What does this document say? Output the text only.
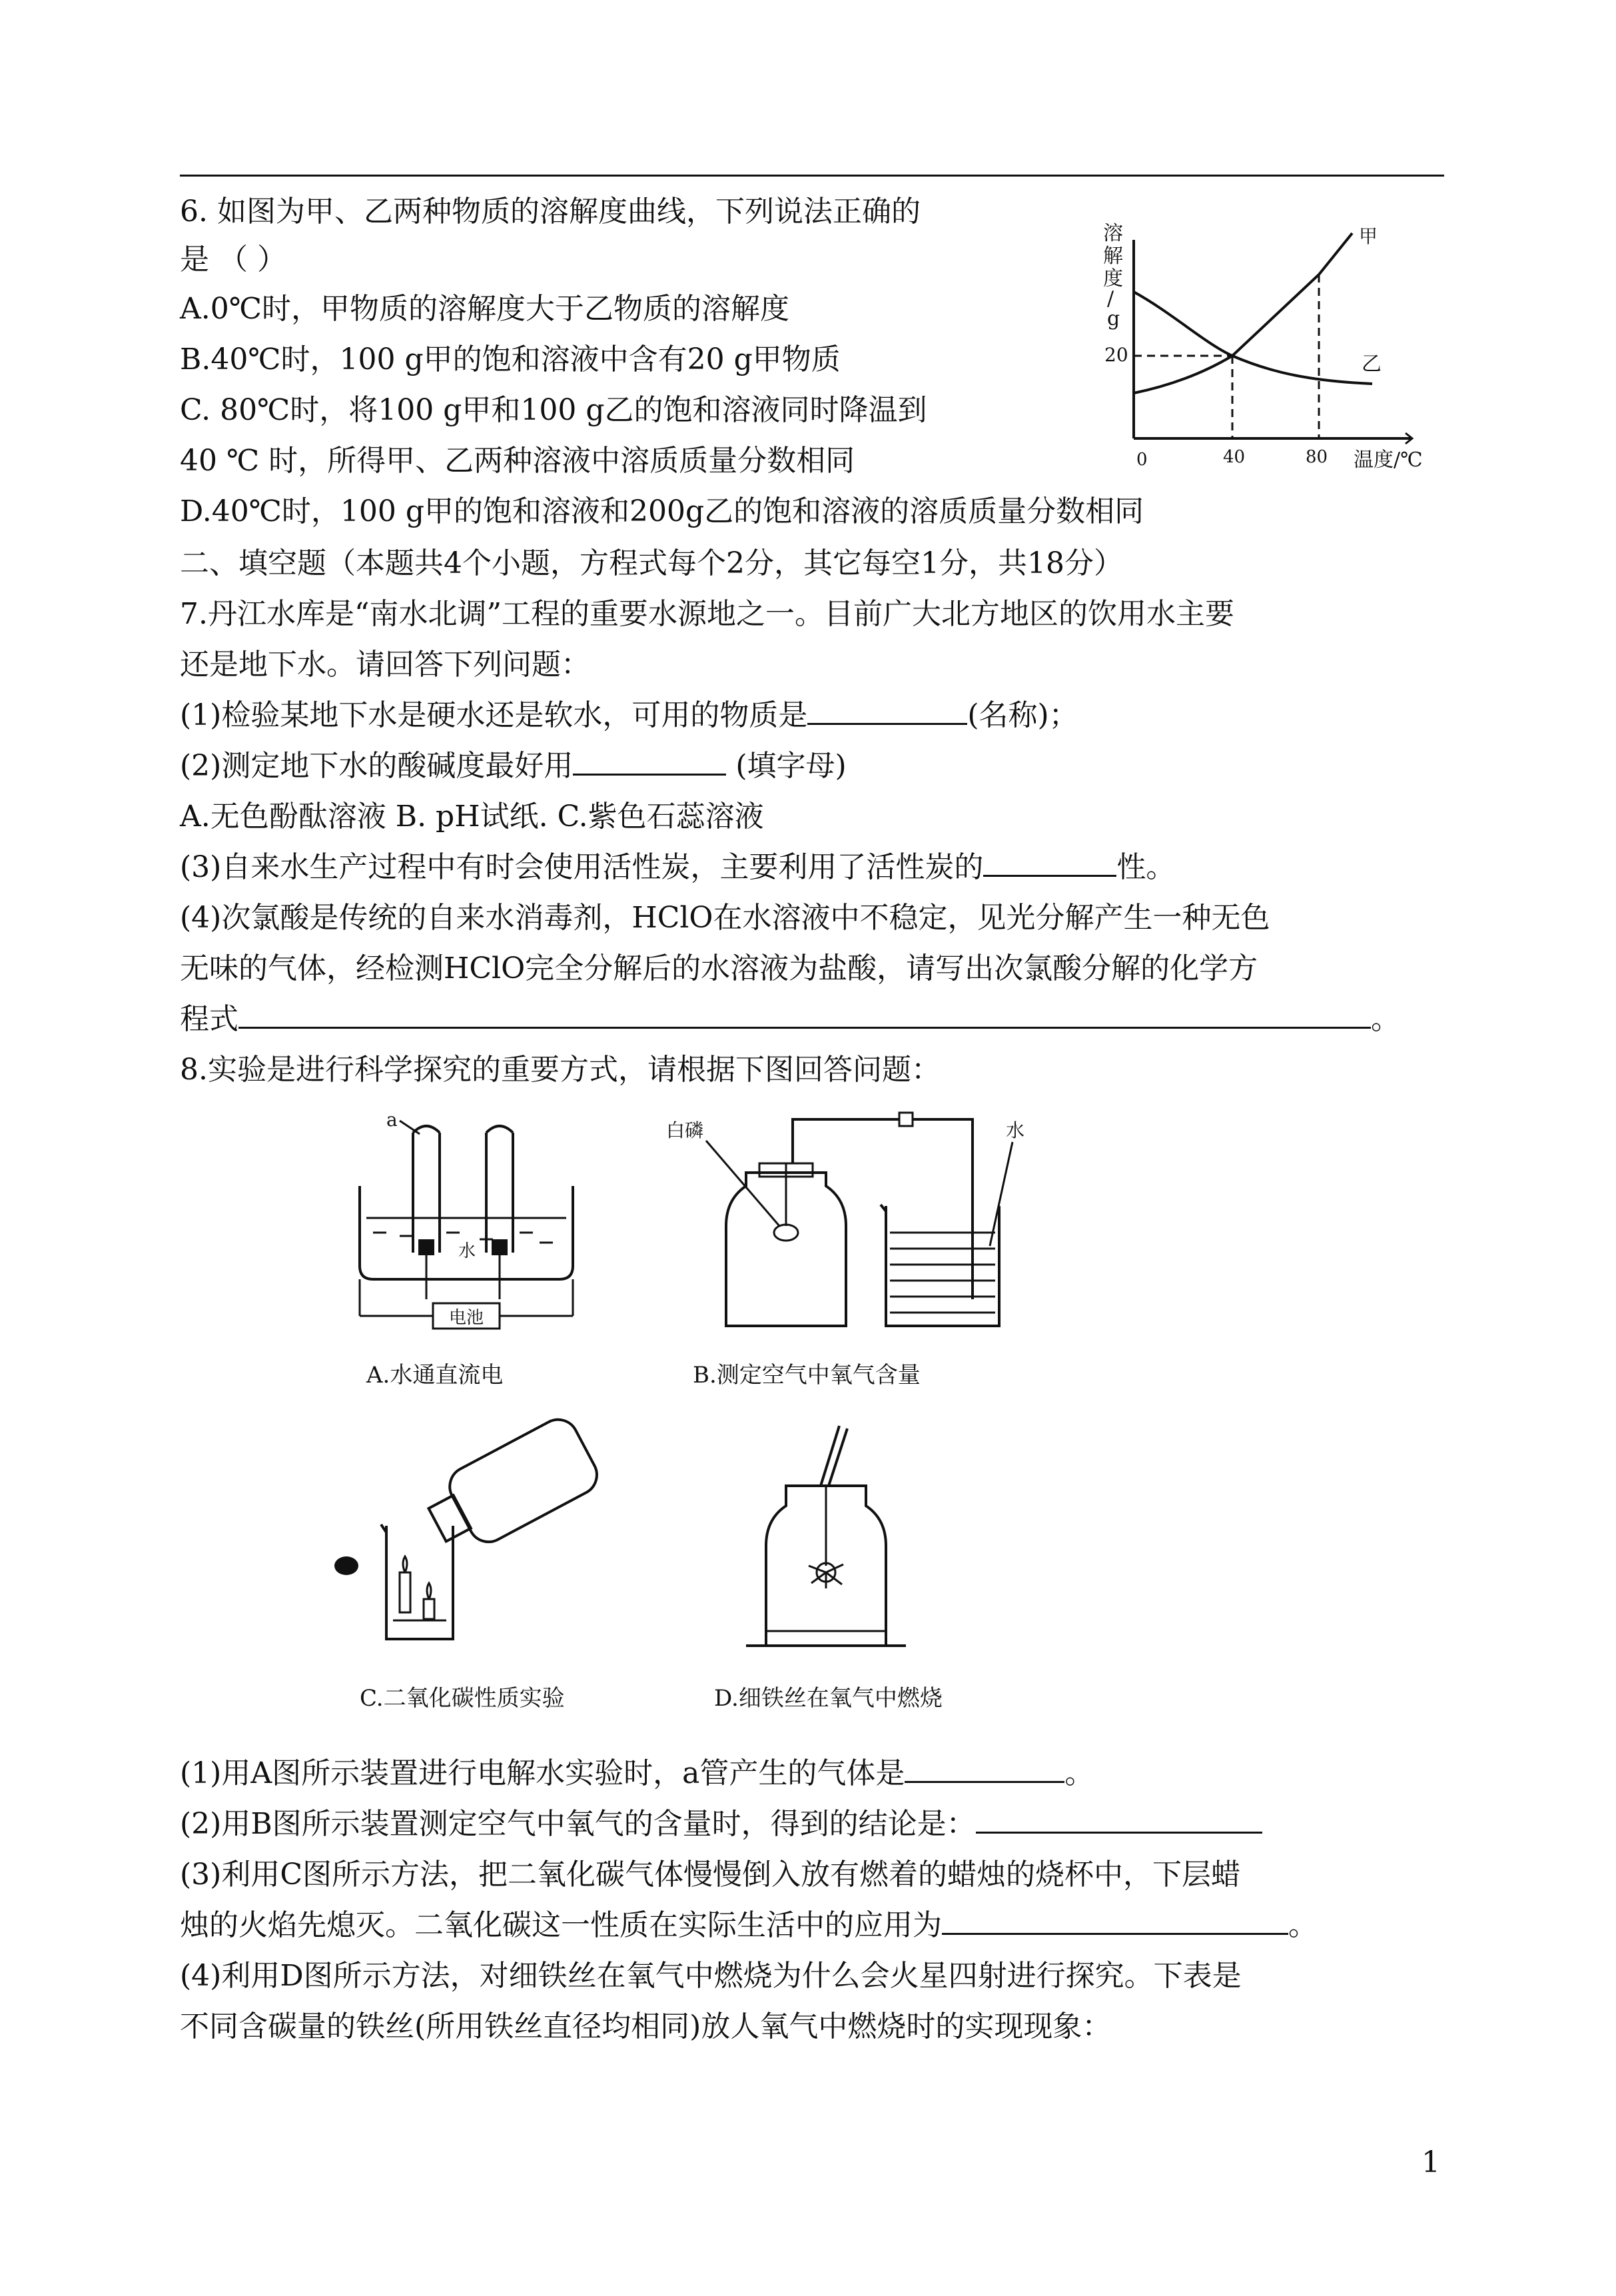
6. 如图为甲、乙两种物质的溶解度曲线，下列说法正确的
是 （ ）
A.0℃时，甲物质的溶解度大于乙物质的溶解度
B.40℃时，100 g甲的饱和溶液中含有20 g甲物质
C. 80℃时，将100 g甲和100 g乙的饱和溶液同时降温到
40 ℃ 时，所得甲、乙两种溶液中溶质质量分数相同
D.40℃时，100 g甲的饱和溶液和200g乙的饱和溶液的溶质质量分数相同
溶
解
度
/
g
20
0	40	80 温度/℃
甲
乙
二、填空题（本题共4个小题，方程式每个2分，其它每空1分，共18分）
7.丹江水库是“南水北调”工程的重要水源地之一。目前广大北方地区的饮用水主要
还是地下水。请回答下列问题：
(1)检验某地下水是硬水还是软水，可用的物质是	(名称)；
(2)测定地下水的酸碱度最好用	(填字母)
A.无色酚酞溶液 B. pH试纸. C.紫色石蕊溶液
(3)自来水生产过程中有时会使用活性炭，主要利用了活性炭的	性。
(4)次氯酸是传统的自来水消毒剂，HClO在水溶液中不稳定，见光分解产生一种无色
无味的气体，经检测HClO完全分解后的水溶液为盐酸，请写出次氯酸分解的化学方
程式	。
8.实验是进行科学探究的重要方式，请根据下图回答问题：
a
水
电池
A.水通直流电
白磷	水
B.测定空气中氧气含量
C.二氧化碳性质实验	D.细铁丝在氧气中燃烧
(1)用A图所示装置进行电解水实验时，a管产生的气体是	。
(2)用B图所示装置测定空气中氧气的含量时，得到的结论是：
(3)利用C图所示方法，把二氧化碳气体慢慢倒入放有燃着的蜡烛的烧杯中，下层蜡
烛的火焰先熄灭。二氧化碳这一性质在实际生活中的应用为	。
(4)利用D图所示方法，对细铁丝在氧气中燃烧为什么会火星四射进行探究。下表是
不同含碳量的铁丝(所用铁丝直径均相同)放人氧气中燃烧时的实现现象：
1
